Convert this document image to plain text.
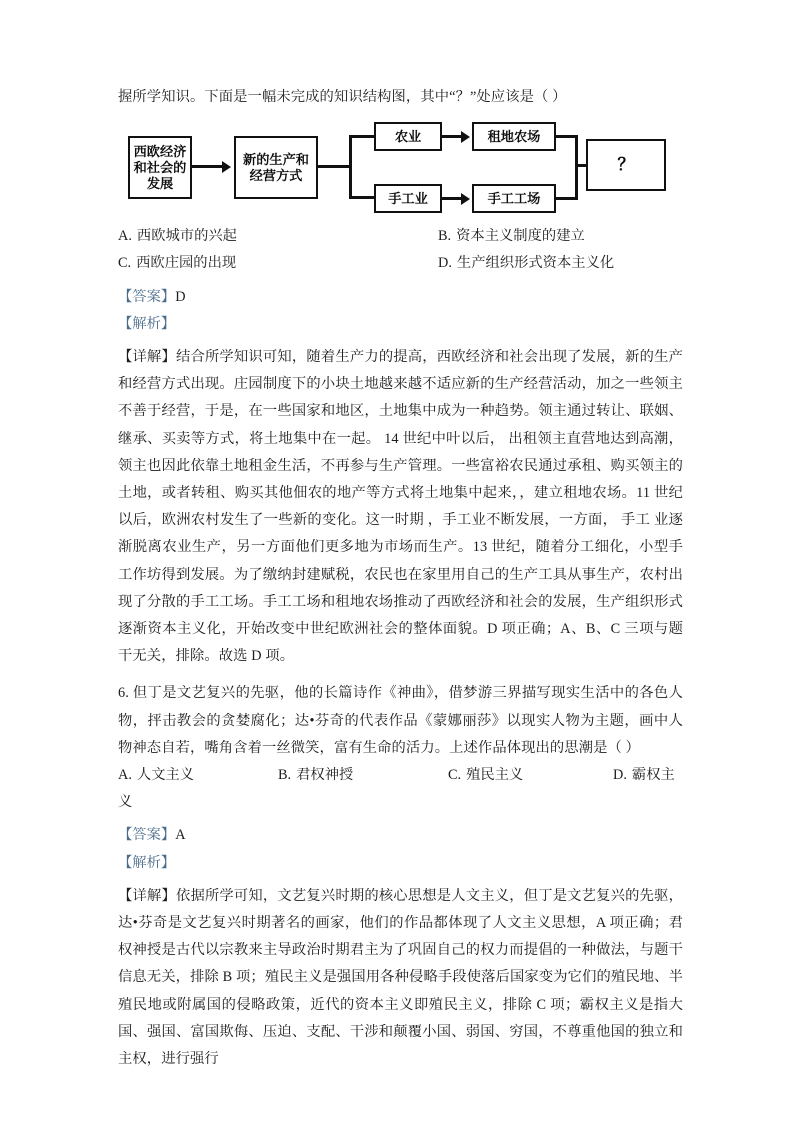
握所学知识。下面是一幅未完成的知识结构图，其中“？”处应该是（ ）

西欧经济
和社会的
发展
新的生产和
经营方式
农业
手工业
租地农场
手工工场
？
A. 西欧城市的兴起	B. 资本主义制度的建立
C. 西欧庄园的出现	D. 生产组织形式资本主义化

【答案】D

【解析】

【详解】结合所学知识可知，随着生产力的提高，西欧经济和社会出现了发展，新的生产和经营方式出现。庄园制度下的小块土地越来越不适应新的生产经营活动，加之一些领主不善于经营，于是，在一些国家和地区，土地集中成为一种趋势。领主通过转让、联姻、继承、买卖等方式，将土地集中在一起。 14 世纪中叶以后， 出租领主直营地达到高潮， 领主也因此依靠土地租金生活，不再参与生产管理。一些富裕农民通过承租、购买领主的土地，或者转租、购买其他佃农的地产等方式将土地集中起来，，建立租地农场。11 世纪以后，欧洲农村发生了一些新的变化。这一时期 ，手工业不断发展，一方面， 手工 业逐渐脱离农业生产，另一方面他们更多地为市场而生产。13 世纪，随着分工细化，小型手工作坊得到发展。为了缴纳封建赋税，农民也在家里用自己的生产工具从事生产，农村出现了分散的手工工场。手工工场和租地农场推动了西欧经济和社会的发展，生产组织形式逐渐资本主义化，开始改变中世纪欧洲社会的整体面貌。D 项正确；A、B、C 三项与题干无关，排除。故选 D 项。

6. 但丁是文艺复兴的先驱，他的长篇诗作《神曲》，借梦游三界描写现实生活中的各色人物，抨击教会的贪婪腐化；达•芬奇的代表作品《蒙娜丽莎》以现实人物为主题，画中人物神态自若，嘴角含着一丝微笑，富有生命的活力。上述作品体现出的思潮是（ ）

A. 人文主义	B. 君权神授	C. 殖民主义	D. 霸权主
义

【答案】A

【解析】

【详解】依据所学可知，文艺复兴时期的核心思想是人文主义，但丁是文艺复兴的先驱，达•芬奇是文艺复兴时期著名的画家，他们的作品都体现了人文主义思想，A 项正确；君权神授是古代以宗教来主导政治时期君主为了巩固自己的权力而提倡的一种做法，与题干信息无关，排除 B 项；殖民主义是强国用各种侵略手段使落后国家变为它们的殖民地、半殖民地或附属国的侵略政策，近代的资本主义即殖民主义，排除 C 项；霸权主义是指大国、强国、富国欺侮、压迫、支配、干涉和颠覆小国、弱国、穷国，不尊重他国的独立和主权，进行强行
